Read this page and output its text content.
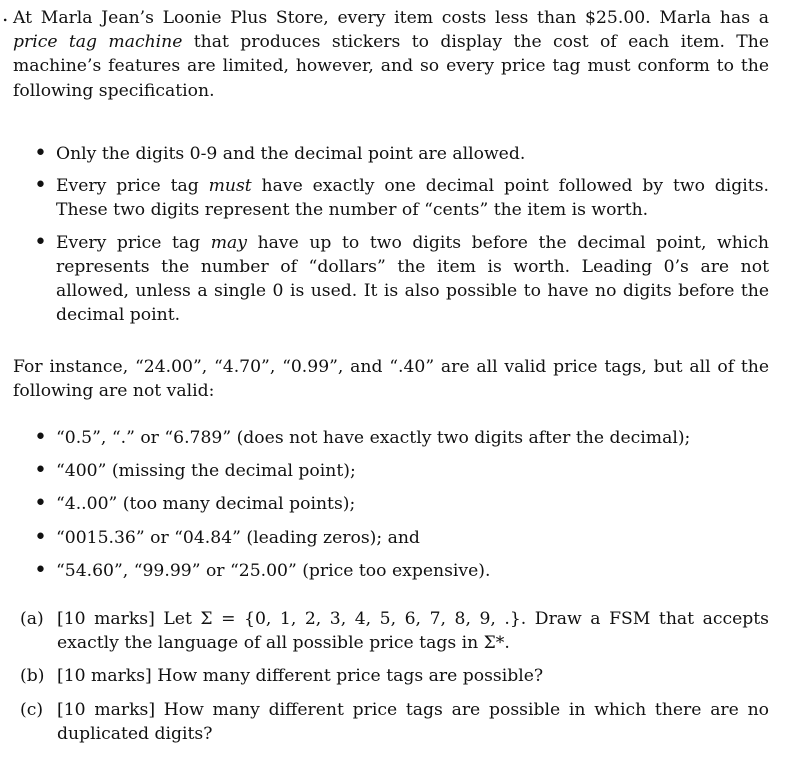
. At Marla Jean’s Loonie Plus Store, every item costs less than $25.00. Marla has a price tag machine that produces stickers to display the cost of each item. The machine’s features are limited, however, and so every price tag must conform to the following specification.

• Only the digits 0-9 and the decimal point are allowed.
• Every price tag must have exactly one decimal point followed by two digits. These two digits represent the number of “cents” the item is worth.
• Every price tag may have up to two digits before the decimal point, which represents the number of “dollars” the item is worth. Leading 0’s are not allowed, unless a single 0 is used. It is also possible to have no digits before the decimal point.

For instance, “24.00”, “4.70”, “0.99”, and “.40” are all valid price tags, but all of the following are not valid:

• “0.5”, “.” or “6.789” (does not have exactly two digits after the decimal);
• “400” (missing the decimal point);
• “4..00” (too many decimal points);
• “0015.36” or “04.84” (leading zeros); and
• “54.60”, “99.99” or “25.00” (price too expensive).
(a) [10 marks] Let Σ = {0, 1, 2, 3, 4, 5, 6, 7, 8, 9, .}. Draw a FSM that accepts exactly the language of all possible price tags in Σ*.
(b) [10 marks] How many different price tags are possible?
(c) [10 marks] How many different price tags are possible in which there are no duplicated digits?
